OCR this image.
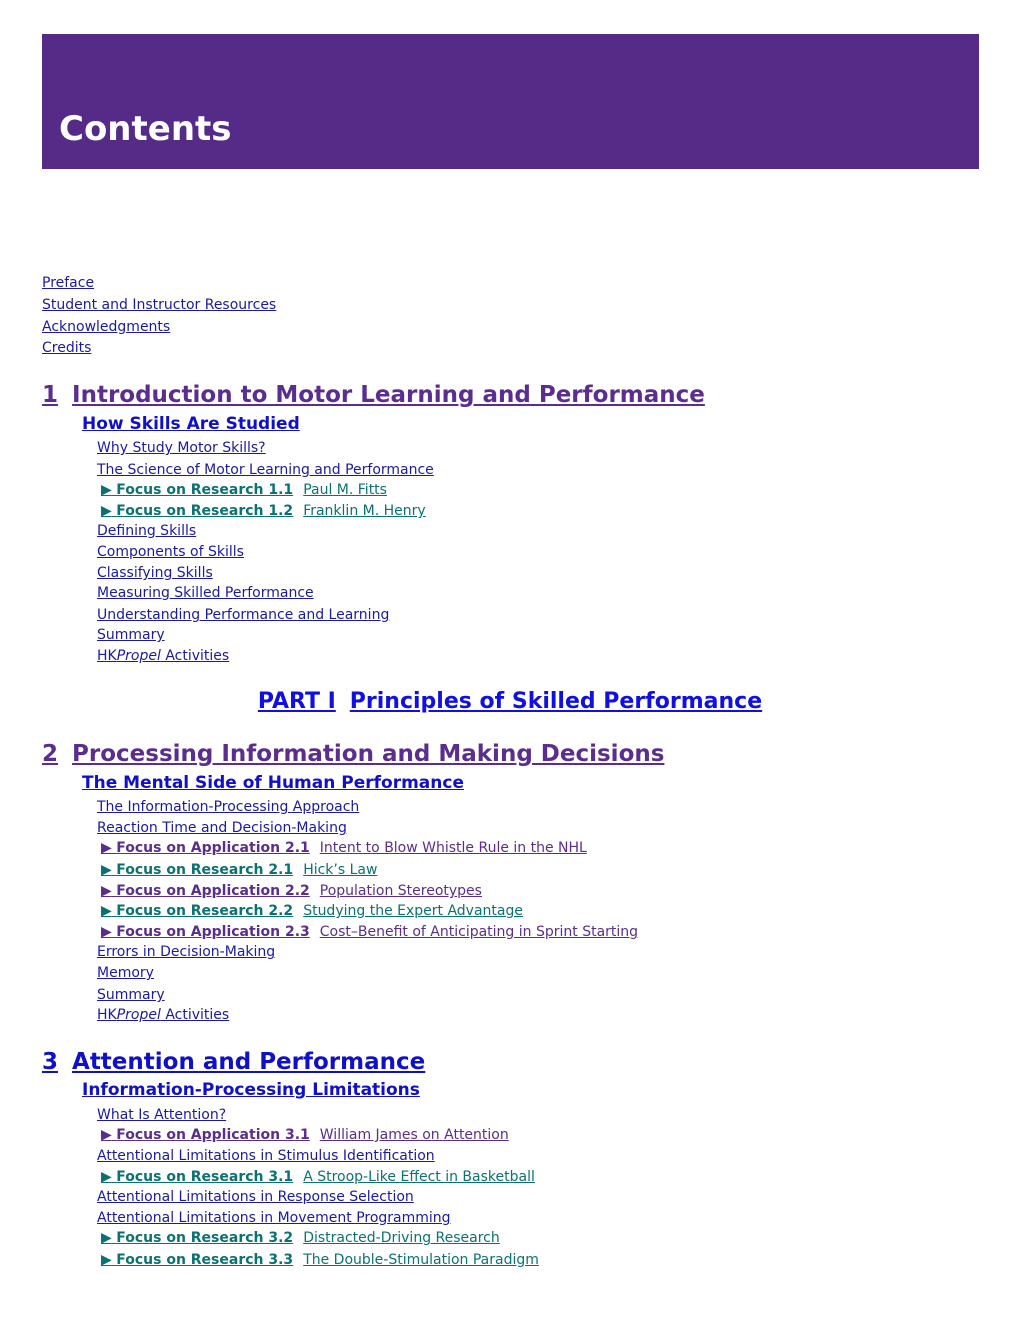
Contents
Preface
Student and Instructor Resources
Acknowledgments
Credits
1 Introduction to Motor Learning and Performance
How Skills Are Studied
Why Study Motor Skills?
The Science of Motor Learning and Performance
▶ Focus on Research 1.1 Paul M. Fitts
▶ Focus on Research 1.2 Franklin M. Henry
Defining Skills
Components of Skills
Classifying Skills
Measuring Skilled Performance
Understanding Performance and Learning
Summary
HKPropel Activities
PART I Principles of Skilled Performance
2 Processing Information and Making Decisions
The Mental Side of Human Performance
The Information-Processing Approach
Reaction Time and Decision-Making
▶ Focus on Application 2.1 Intent to Blow Whistle Rule in the NHL
▶ Focus on Research 2.1 Hick’s Law
▶ Focus on Application 2.2 Population Stereotypes
▶ Focus on Research 2.2 Studying the Expert Advantage
▶ Focus on Application 2.3 Cost–Benefit of Anticipating in Sprint Starting
Errors in Decision-Making
Memory
Summary
HKPropel Activities
3 Attention and Performance
Information-Processing Limitations
What Is Attention?
▶ Focus on Application 3.1 William James on Attention
Attentional Limitations in Stimulus Identification
▶ Focus on Research 3.1 A Stroop-Like Effect in Basketball
Attentional Limitations in Response Selection
Attentional Limitations in Movement Programming
▶ Focus on Research 3.2 Distracted-Driving Research
▶ Focus on Research 3.3 The Double-Stimulation Paradigm
